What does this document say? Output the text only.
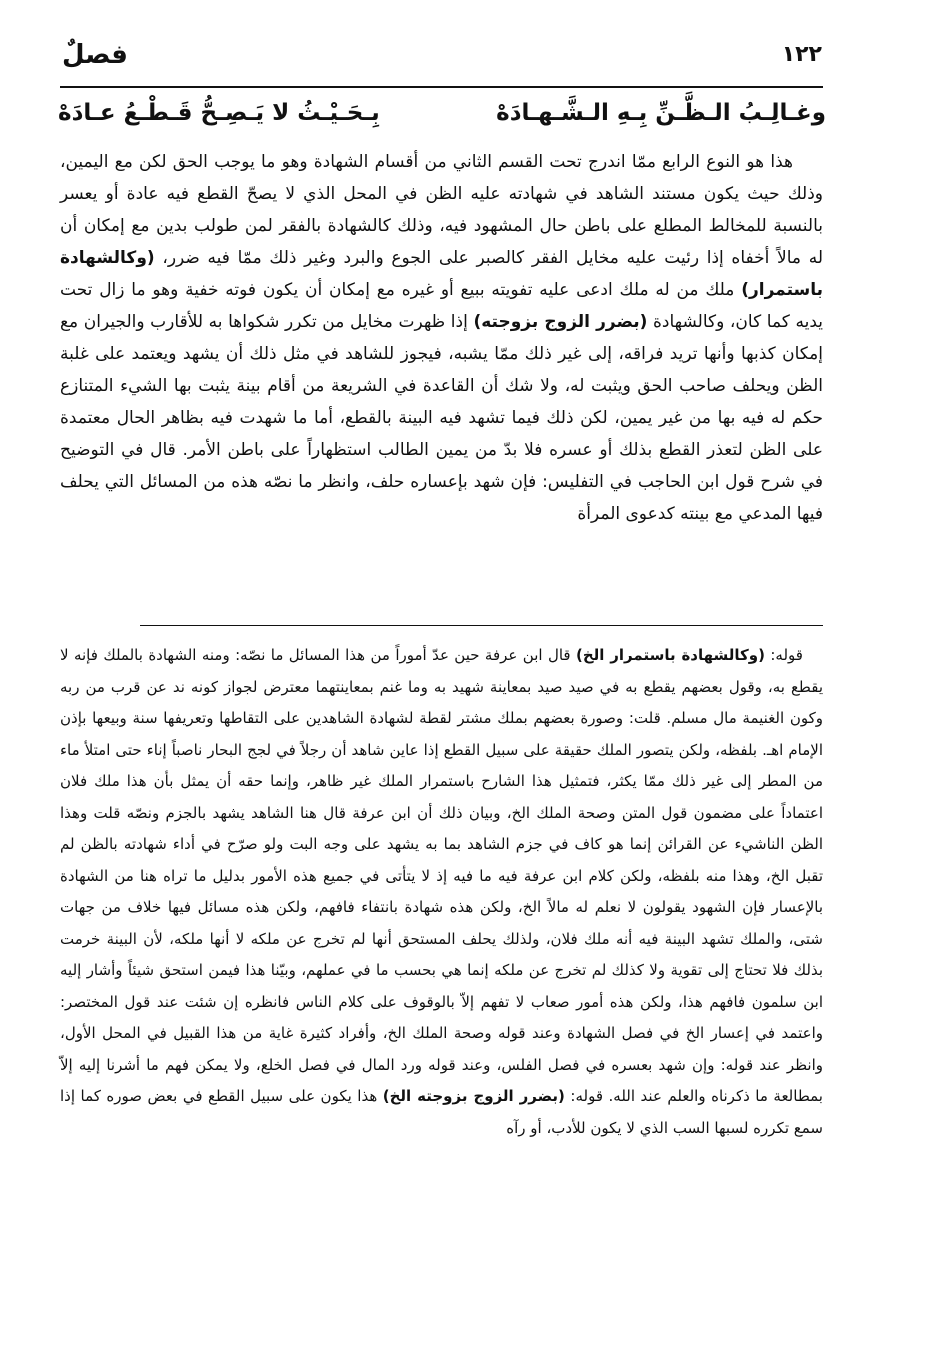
١٢٢
فصلٌ
وغـالِـبُ الـظَّـنِّ بِـهِ الـشَّـهـادَهْ
بِـحَـيْـثُ لا يَـصِـحُّ قَـطْـعُ عـادَهْ

هذا هو النوع الرابع ممّا اندرج تحت القسم الثاني من أقسام الشهادة وهو ما يوجب الحق لكن مع اليمين، وذلك حيث يكون مستند الشاهد في شهادته عليه الظن في المحل الذي لا يصحّ القطع فيه عادة أو يعسر بالنسبة للمخالط المطلع على باطن حال المشهود فيه، وذلك كالشهادة بالفقر لمن طولب بدين مع إمكان أن له مالاً أخفاه إذا رئيت عليه مخايل الفقر كالصبر على الجوع والبرد وغير ذلك ممّا فيه ضرر، (وكالشهادة باستمرار) ملك من له ملك ادعى عليه تفويته ببيع أو غيره مع إمكان أن يكون فوته خفية وهو ما زال تحت يديه كما كان، وكالشهادة (بضرر الزوج بزوجته) إذا ظهرت مخايل من تكرر شكواها به للأقارب والجيران مع إمكان كذبها وأنها تريد فراقه، إلى غير ذلك ممّا يشبه، فيجوز للشاهد في مثل ذلك أن يشهد ويعتمد على غلبة الظن ويحلف صاحب الحق ويثبت له، ولا شك أن القاعدة في الشريعة من أقام بينة يثبت بها الشيء المتنازع حكم له فيه بها من غير يمين، لكن ذلك فيما تشهد فيه البينة بالقطع، أما ما شهدت فيه بظاهر الحال معتمدة على الظن لتعذر القطع بذلك أو عسره فلا بدّ من يمين الطالب استظهاراً على باطن الأمر. قال في التوضيح في شرح قول ابن الحاجب في التفليس: فإن شهد بإعساره حلف، وانظر ما نصّه هذه من المسائل التي يحلف فيها المدعي مع بينته كدعوى المرأة

قوله: (وكالشهادة باستمرار الخ) قال ابن عرفة حين عدّ أموراً من هذا المسائل ما نصّه: ومنه الشهادة بالملك فإنه لا يقطع به، وقول بعضهم يقطع به في صيد صيد بمعاينة شهيد به وما غنم بمعاينتهما معترض لجواز كونه ند عن قرب من ربه وكون الغنيمة مال مسلم. قلت: وصورة بعضهم بملك مشتر لقطة لشهادة الشاهدين على التقاطها وتعريفها سنة وبيعها بإذن الإمام اهـ. بلفظه، ولكن يتصور الملك حقيقة على سبيل القطع إذا عاين شاهد أن رجلاً في لجج البحار ناصباً إناء حتى امتلأ ماء من المطر إلى غير ذلك ممّا يكثر، فتمثيل هذا الشارح باستمرار الملك غير ظاهر، وإنما حقه أن يمثل بأن هذا ملك فلان اعتماداً على مضمون قول المتن وصحة الملك الخ، وبيان ذلك أن ابن عرفة قال هنا الشاهد يشهد بالجزم ونصّه قلت وهذا الظن الناشيء عن القرائن إنما هو كاف في جزم الشاهد بما به يشهد على وجه البت ولو صرّح في أداء شهادته بالظن لم تقبل الخ، وهذا منه بلفظه، ولكن كلام ابن عرفة فيه ما فيه إذ لا يتأتى في جميع هذه الأمور بدليل ما تراه هنا من الشهادة بالإعسار فإن الشهود يقولون لا نعلم له مالاً الخ، ولكن هذه شهادة بانتفاء فافهم، ولكن هذه مسائل فيها خلاف من جهات شتى، والملك تشهد البينة فيه أنه ملك فلان، ولذلك يحلف المستحق أنها لم تخرج عن ملكه لا أنها ملكه، لأن البينة خرمت بذلك فلا تحتاج إلى تقوية ولا كذلك لم تخرج عن ملكه إنما هي بحسب ما في عملهم، وبيّنا هذا فيمن استحق شيئاً وأشار إليه ابن سلمون فافهم هذا، ولكن هذه أمور صعاب لا تفهم إلاّ بالوقوف على كلام الناس فانظره إن شئت عند قول المختصر: واعتمد في إعسار الخ في فصل الشهادة وعند قوله وصحة الملك الخ، وأفراد كثيرة غاية من هذا القبيل في المحل الأول، وانظر عند قوله: وإن شهد بعسره في فصل الفلس، وعند قوله ورد المال في فصل الخلع، ولا يمكن فهم ما أشرنا إليه إلاّ بمطالعة ما ذكرناه والعلم عند الله. قوله: (بضرر الزوج بزوجته الخ) هذا يكون على سبيل القطع في بعض صوره كما إذا سمع تكرره لسبها السب الذي لا يكون للأدب، أو رآه
